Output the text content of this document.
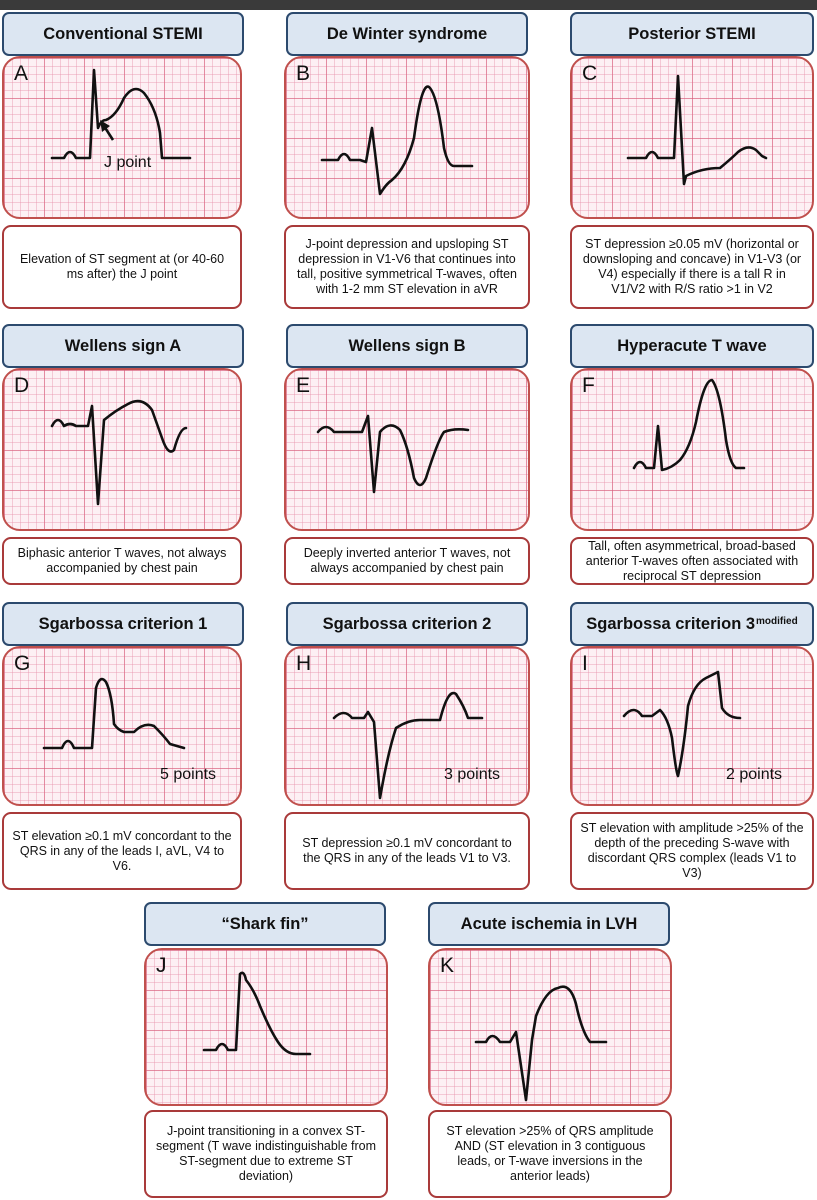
Conventional STEMI
A
J point
Elevation of ST segment at (or 40-60 ms after) the J point
De Winter syndrome
B
J-point depression and upsloping ST depression in V1-V6 that continues into tall, positive symmetrical T-waves, often with 1-2 mm ST elevation in aVR
Posterior STEMI
C
ST depression ≥0.05 mV (horizontal or downsloping and concave) in V1-V3 (or V4) especially if there is a tall R in V1/V2 with R/S ratio >1 in V2
Wellens sign A
D
Biphasic anterior T waves, not always accompanied by chest pain
Wellens sign B
E
Deeply inverted anterior T waves, not always accompanied by chest pain
Hyperacute T wave
F
Tall, often asymmetrical, broad-based anterior T-waves often associated with reciprocal ST depression
Sgarbossa criterion 1
G
5 points
ST elevation ≥0.1 mV concordant to the QRS in any of the leads I, aVL, V4 to V6.
Sgarbossa criterion 2
H
3 points
ST depression ≥0.1 mV concordant to the QRS in any of the leads V1 to V3.
Sgarbossa criterion $3^{modified}$
I
2 points
ST elevation with amplitude >25% of the depth of the preceding S-wave with discordant QRS complex (leads V1 to V3)
“Shark fin”
J
J-point transitioning in a convex ST-segment (T wave indistinguishable from ST-segment due to extreme ST deviation)
Acute ischemia in LVH
K
ST elevation >25% of QRS amplitude AND (ST elevation in 3 contiguous leads, or T-wave inversions in the anterior leads)
